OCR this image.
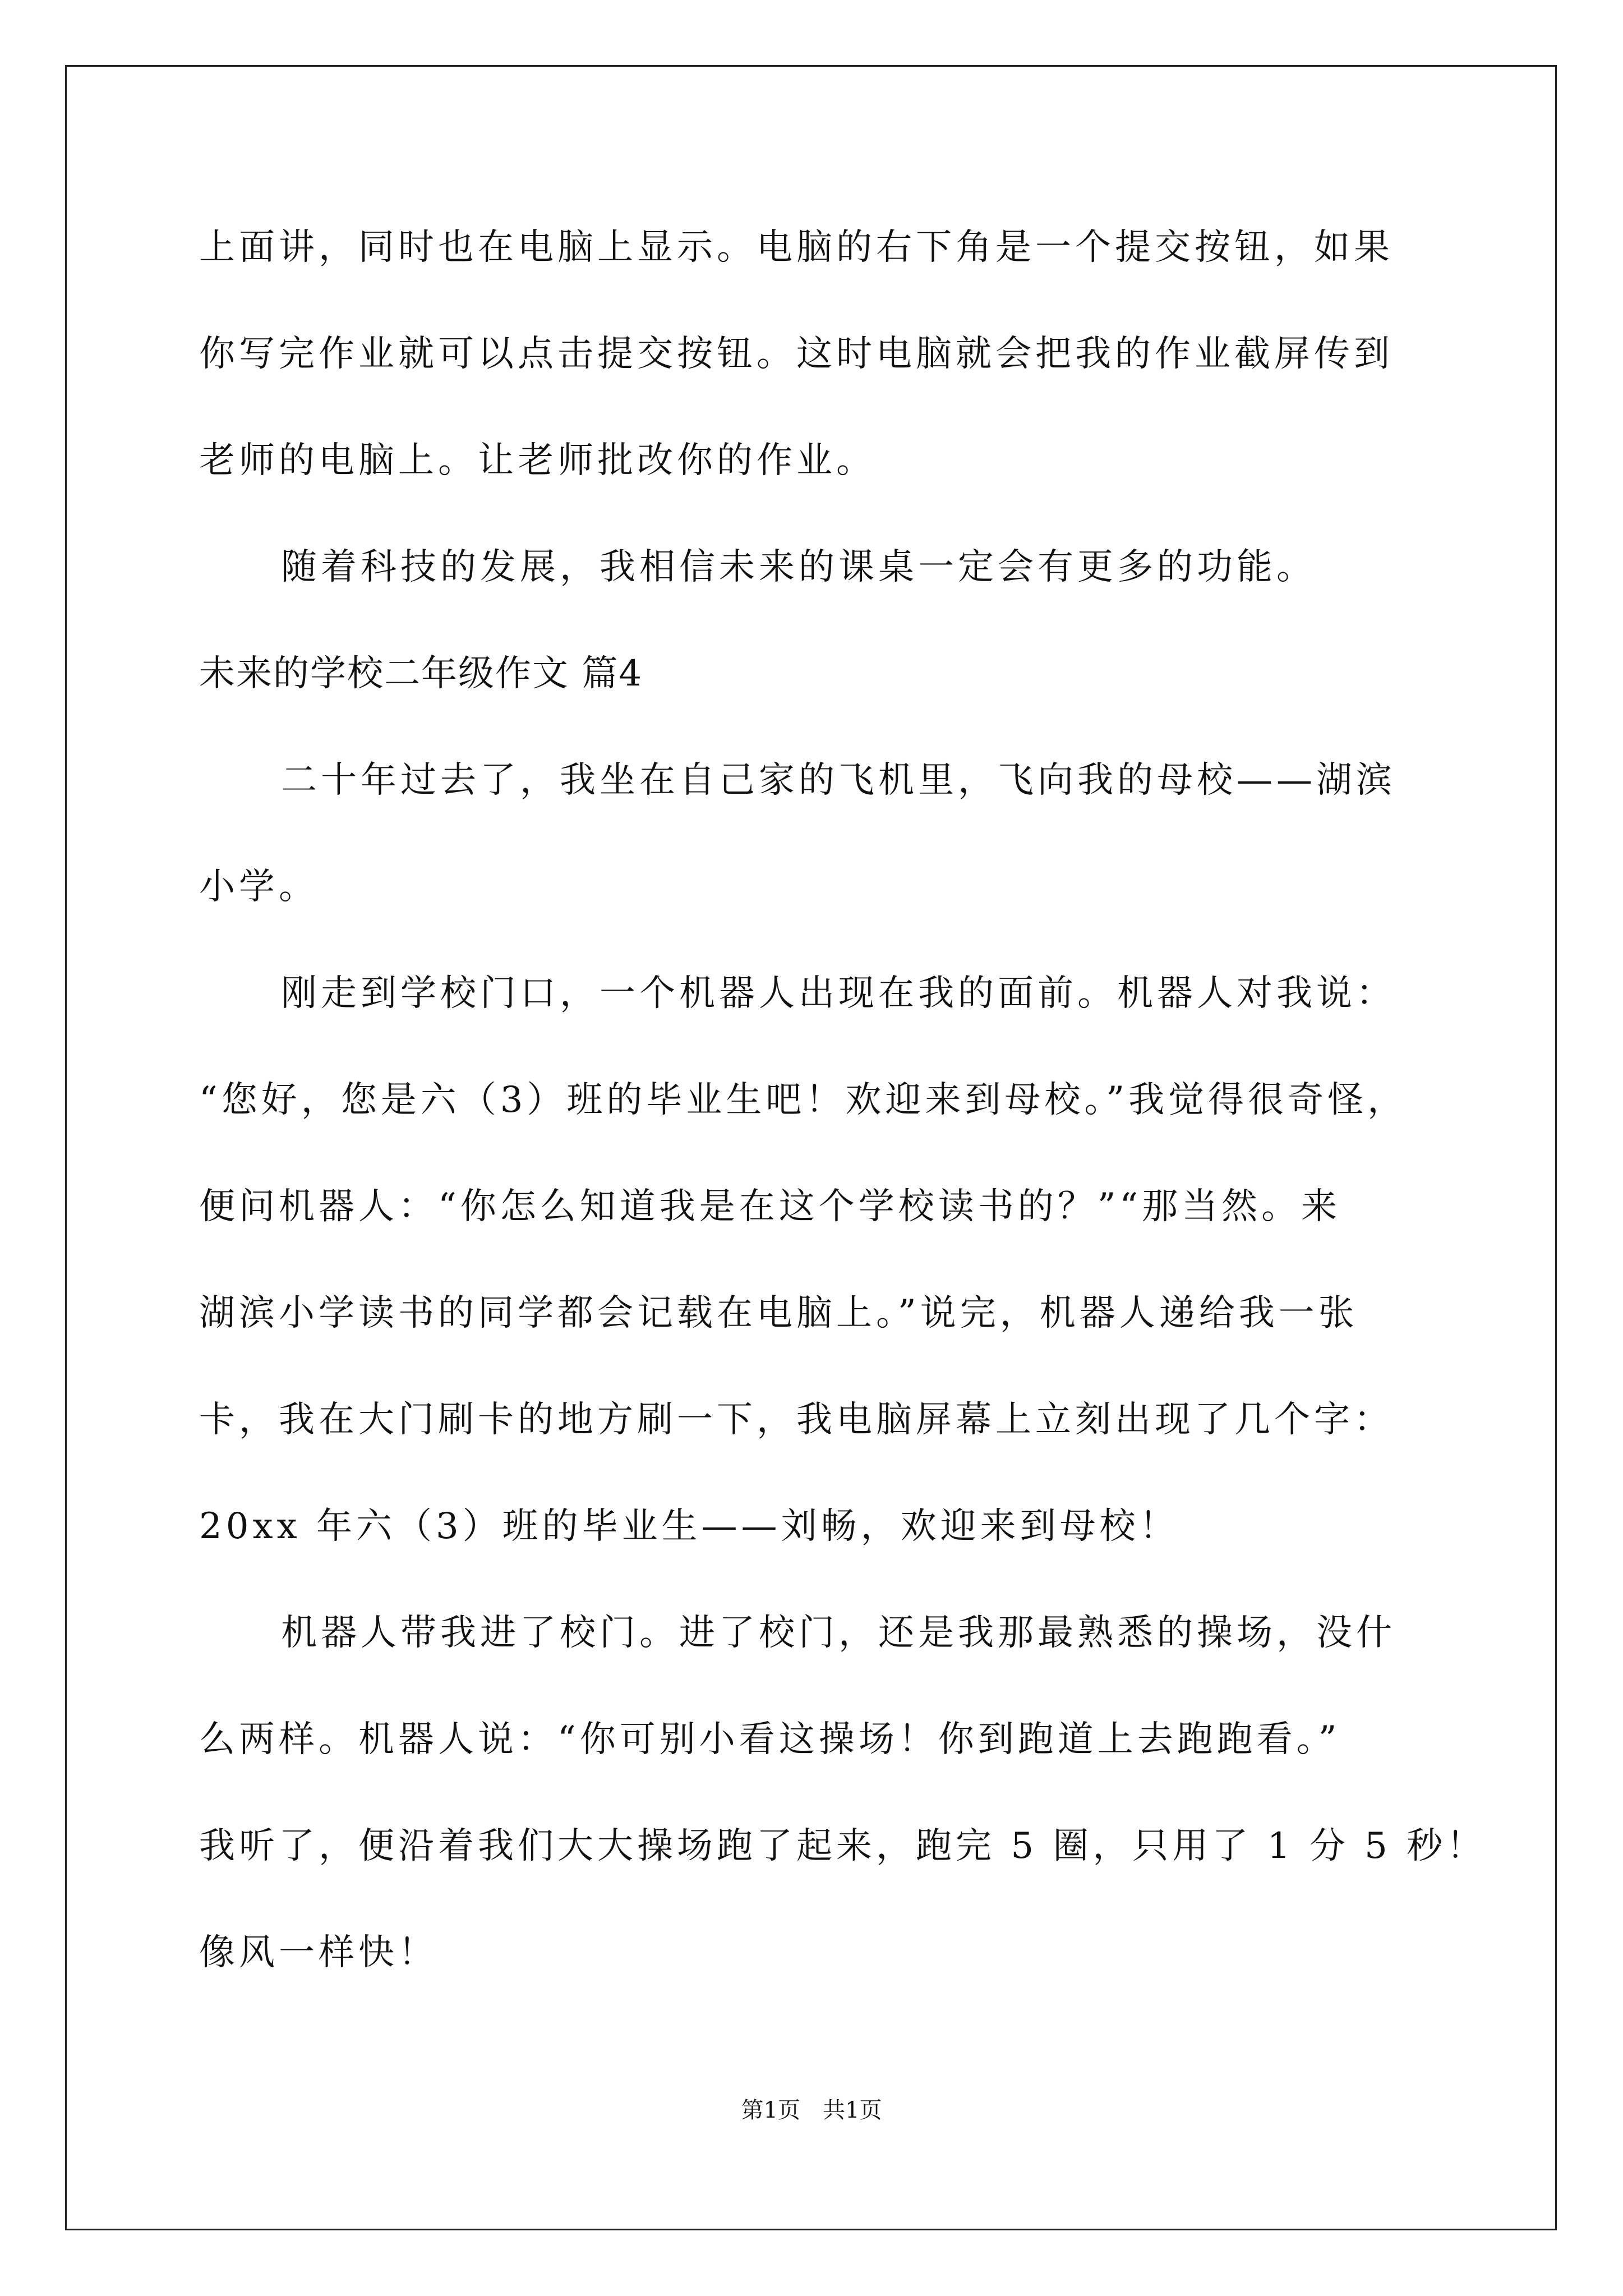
上面讲，同时也在电脑上显示。电脑的右下角是一个提交按钮，如果
你写完作业就可以点击提交按钮。这时电脑就会把我的作业截屏传到
老师的电脑上。让老师批改你的作业。
随着科技的发展，我相信未来的课桌一定会有更多的功能。
未来的学校二年级作文 篇4
二十年过去了，我坐在自己家的飞机里，飞向我的母校——湖滨
小学。
刚走到学校门口，一个机器人出现在我的面前。机器人对我说：
“您好，您是六（3）班的毕业生吧！欢迎来到母校。”我觉得很奇怪，
便问机器人：“你怎么知道我是在这个学校读书的？”“那当然。来
湖滨小学读书的同学都会记载在电脑上。”说完，机器人递给我一张
卡，我在大门刷卡的地方刷一下，我电脑屏幕上立刻出现了几个字：
20xx 年六（3）班的毕业生——刘畅，欢迎来到母校！
机器人带我进了校门。进了校门，还是我那最熟悉的操场，没什
么两样。机器人说：“你可别小看这操场！你到跑道上去跑跑看。”
我听了，便沿着我们大大操场跑了起来，跑完 5 圈，只用了 1 分 5 秒！
像风一样快！
第1页　共1页
